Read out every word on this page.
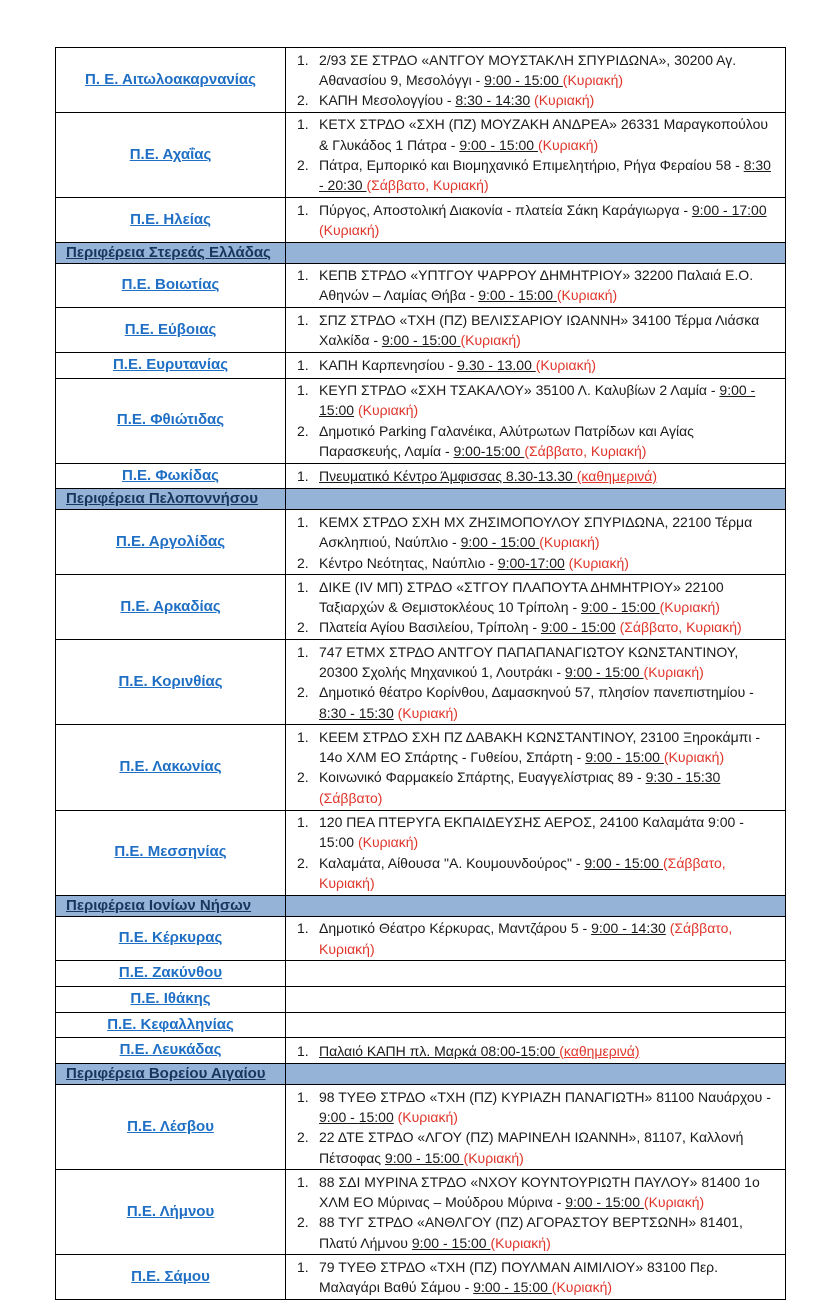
Π. Ε. Αιτωλοακαρνανίας	1. 2/93 ΣΕ ΣΤΡΔΟ «ΑΝΤΓΟΥ ΜΟΥΣΤΑΚΛΗ ΣΠΥΡΙΔΩΝΑ», 30200 Αγ. Αθανασίου 9, Μεσολόγγι - 9:00 - 15:00 (Κυριακή)
2. ΚΑΠΗ Μεσολογγίου - 8:30 - 14:30 (Κυριακή)

Π.Ε. Αχαΐας	1. ΚΕΤΧ ΣΤΡΔΟ «ΣΧΗ (ΠΖ) ΜΟΥΖΑΚΗ ΑΝΔΡΕΑ» 26331 Μαραγκοπούλου & Γλυκάδος 1 Πάτρα - 9:00 - 15:00 (Κυριακή)
2. Πάτρα, Εμπορικό και Βιομηχανικό Επιμελητήριο, Ρήγα Φεραίου 58 - 8:30 - 20:30 (Σάββατο, Κυριακή)

Π.Ε. Ηλείας	1. Πύργος, Αποστολική Διακονία - πλατεία Σάκη Καράγιωργα - 9:00 - 17:00 (Κυριακή)

Περιφέρεια Στερεάς Ελλάδας	
Π.Ε. Βοιωτίας	1. ΚΕΠΒ ΣΤΡΔΟ «ΥΠΤΓΟΥ ΨΑΡΡΟΥ ΔΗΜΗΤΡΙΟΥ» 32200 Παλαιά Ε.Ο. Αθηνών – Λαμίας Θήβα - 9:00 - 15:00 (Κυριακή)

Π.Ε. Εύβοιας	1. ΣΠΖ ΣΤΡΔΟ «ΤΧΗ (ΠΖ) ΒΕΛΙΣΣΑΡΙΟΥ ΙΩΑΝΝΗ» 34100 Τέρμα Λιάσκα Χαλκίδα - 9:00 - 15:00 (Κυριακή)

Π.Ε. Ευρυτανίας	1. ΚΑΠΗ Καρπενησίου - 9.30 - 13.00 (Κυριακή)

Π.Ε. Φθιώτιδας	1. ΚΕΥΠ ΣΤΡΔΟ «ΣΧΗ ΤΣΑΚΑΛΟΥ» 35100 Λ. Καλυβίων 2 Λαμία - 9:00 - 15:00 (Κυριακή)
2. Δημοτικό Parking Γαλανέικα, Αλύτρωτων Πατρίδων και Αγίας Παρασκευής, Λαμία - 9:00-15:00 (Σάββατο, Κυριακή)

Π.Ε. Φωκίδας	1. Πνευματικό Κέντρο Άμφισσας 8.30-13.30 (καθημερινά)

Περιφέρεια Πελοποννήσου	
Π.Ε. Αργολίδας	1. ΚΕΜΧ ΣΤΡΔΟ ΣΧΗ ΜΧ ΖΗΣΙΜΟΠΟΥΛΟΥ ΣΠΥΡΙΔΩΝΑ, 22100 Τέρμα Ασκληπιού, Ναύπλιο - 9:00 - 15:00 (Κυριακή)
2. Κέντρο Νεότητας, Ναύπλιο - 9:00-17:00 (Κυριακή)

Π.Ε. Αρκαδίας	1. ΔΙΚΕ (IV ΜΠ) ΣΤΡΔΟ «ΣΤΓΟΥ ΠΛΑΠΟΥΤΑ ΔΗΜΗΤΡΙΟΥ» 22100 Ταξιαρχών & Θεμιστοκλέους 10 Τρίπολη - 9:00 - 15:00 (Κυριακή)
2. Πλατεία Αγίου Βασιλείου, Τρίπολη - 9:00 - 15:00 (Σάββατο, Κυριακή)

Π.Ε. Κορινθίας	1. 747 ΕΤΜΧ ΣΤΡΔΟ ΑΝΤΓΟΥ ΠΑΠΑΠΑΝΑΓΙΩΤΟΥ ΚΩΝΣΤΑΝΤΙΝΟΥ, 20300 Σχολής Μηχανικού 1, Λουτράκι - 9:00 - 15:00 (Κυριακή)
2. Δημοτικό θέατρο Κορίνθου, Δαμασκηνού 57, πλησίον πανεπιστημίου - 8:30 - 15:30 (Κυριακή)

Π.Ε. Λακωνίας	1. ΚΕΕΜ ΣΤΡΔΟ ΣΧΗ ΠΖ ΔΑΒΑΚΗ ΚΩΝΣΤΑΝΤΙΝΟΥ, 23100 Ξηροκάμπι - 14ο ΧΛΜ ΕΟ Σπάρτης - Γυθείου, Σπάρτη - 9:00 - 15:00 (Κυριακή)
2. Κοινωνικό Φαρμακείο Σπάρτης, Ευαγγελίστριας 89 - 9:30 - 15:30 (Σάββατο)

Π.Ε. Μεσσηνίας	1. 120 ΠΕΑ ΠΤΕΡΥΓΑ ΕΚΠΑΙΔΕΥΣΗΣ ΑΕΡΟΣ, 24100 Καλαμάτα 9:00 - 15:00 (Κυριακή)
2. Καλαμάτα, Αίθουσα "Α. Κουμουνδούρος" - 9:00 - 15:00 (Σάββατο, Κυριακή)

Περιφέρεια Ιονίων Νήσων	
Π.Ε. Κέρκυρας	1. Δημοτικό Θέατρο Κέρκυρας, Μαντζάρου 5 - 9:00 - 14:30 (Σάββατο, Κυριακή)

Π.Ε. Ζακύνθου	
Π.Ε. Ιθάκης	
Π.Ε. Κεφαλληνίας	
Π.Ε. Λευκάδας	1. Παλαιό ΚΑΠΗ πλ. Μαρκά 08:00-15:00 (καθημερινά)

Περιφέρεια Βορείου Αιγαίου	
Π.Ε. Λέσβου	1. 98 ΤΥΕΘ ΣΤΡΔΟ «ΤΧΗ (ΠΖ) ΚΥΡΙΑΖΗ ΠΑΝΑΓΙΩΤΗ» 81100 Ναυάρχου - 9:00 - 15:00 (Κυριακή)
2. 22 ΔΤΕ ΣΤΡΔΟ «ΛΓΟΥ (ΠΖ) ΜΑΡΙΝΕΛΗ ΙΩΑΝΝΗ», 81107, Καλλονή Πέτσοφας 9:00 - 15:00 (Κυριακή)

Π.Ε. Λήμνου	1. 88 ΣΔΙ ΜΥΡΙΝΑ ΣΤΡΔΟ «ΝΧΟΥ ΚΟΥΝΤΟΥΡΙΩΤΗ ΠΑΥΛΟΥ» 81400 1ο ΧΛΜ ΕΟ Μύρινας – Μούδρου Μύρινα - 9:00 - 15:00 (Κυριακή)
2. 88 ΤΥΓ ΣΤΡΔΟ «ΑΝΘΛΓΟΥ (ΠΖ) ΑΓΟΡΑΣΤΟΥ ΒΕΡΤΣΩΝΗ» 81401, Πλατύ Λήμνου 9:00 - 15:00 (Κυριακή)

Π.Ε. Σάμου	1. 79 ΤΥΕΘ ΣΤΡΔΟ «ΤΧΗ (ΠΖ) ΠΟΥΛΜΑΝ ΑΙΜΙΛΙΟΥ» 83100 Περ. Μαλαγάρι Βαθύ Σάμου - 9:00 - 15:00 (Κυριακή)
